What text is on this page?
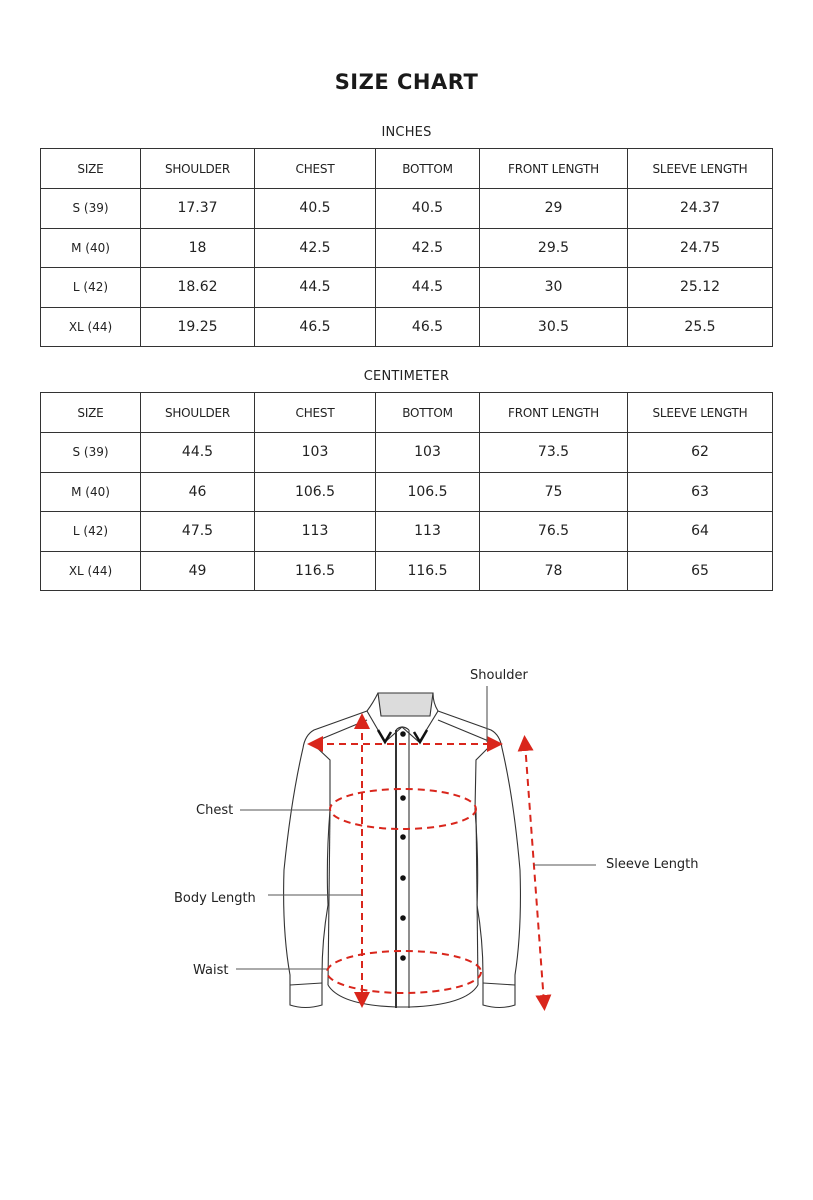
SIZE CHART
INCHES
SIZE	SHOULDER	CHEST	BOTTOM	FRONT LENGTH	SLEEVE LENGTH
S (39)	17.37	40.5	40.5	29	24.37
M (40)	18	42.5	42.5	29.5	24.75
L (42)	18.62	44.5	44.5	30	25.12
XL (44)	19.25	46.5	46.5	30.5	25.5
CENTIMETER
SIZE	SHOULDER	CHEST	BOTTOM	FRONT LENGTH	SLEEVE LENGTH
S (39)	44.5	103	103	73.5	62
M (40)	46	106.5	106.5	75	63
L (42)	47.5	113	113	76.5	64
XL (44)	49	116.5	116.5	78	65
Shoulder
Chest
Body Length
Waist
Sleeve Length
